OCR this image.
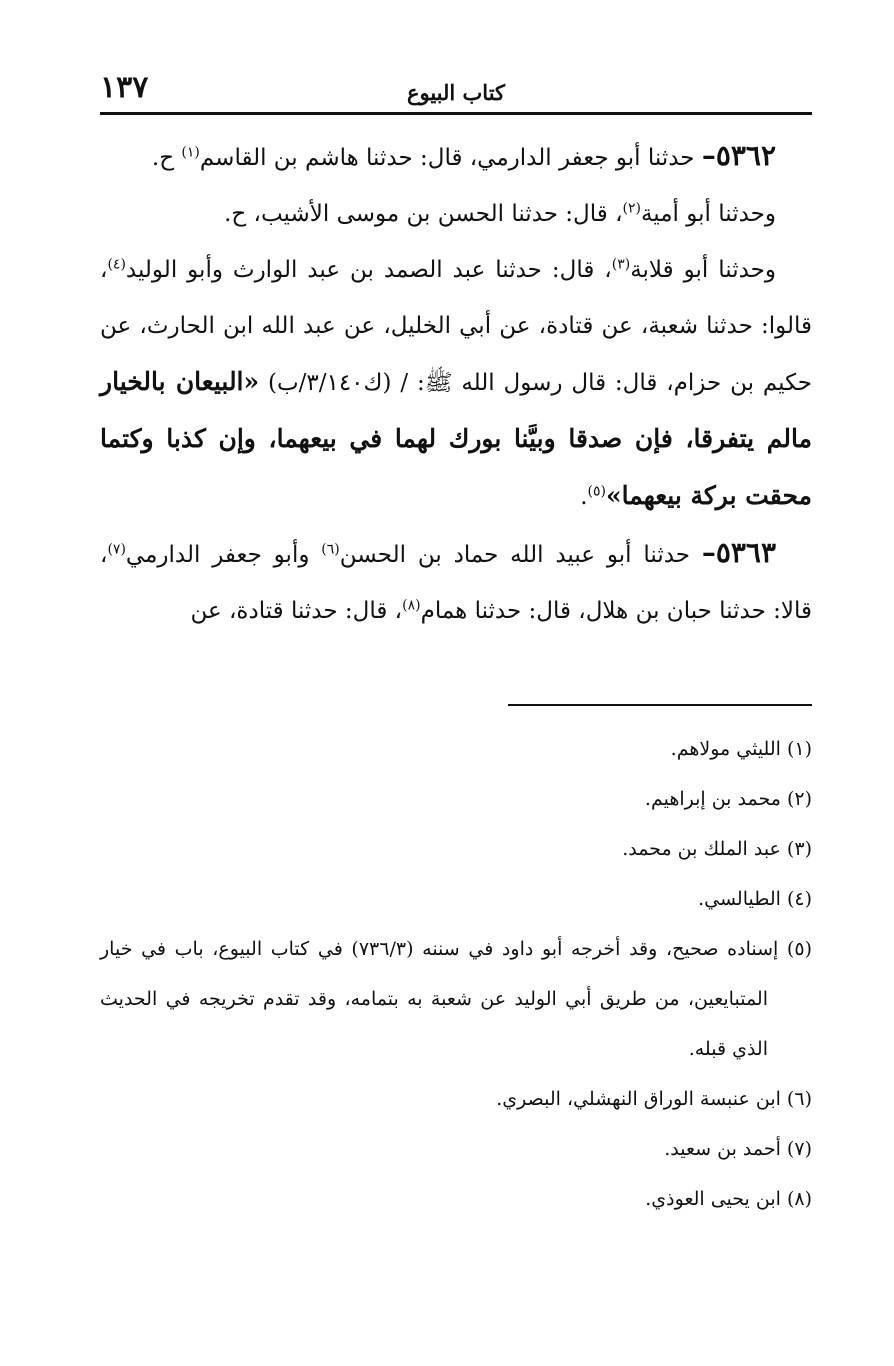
١٣٧	كتاب البيوع

٥٣٦٢– حدثنا أبو جعفر الدارمي، قال: حدثنا هاشم بن القاسم$^{(١)}$ ح.

وحدثنا أبو أمية$^{(٢)}$، قال: حدثنا الحسن بن موسى الأشيب، ح.

وحدثنا أبو قلابة$^{(٣)}$، قال: حدثنا عبد الصمد بن عبد الوارث وأبو الوليد$^{(٤)}$، قالوا: حدثنا شعبة، عن قتادة، عن أبي الخليل، عن عبد الله ابن الحارث، عن حكيم بن حزام، قال: قال رسول الله ﷺ: / (ك٣/١٤٠/ب) «البيعان بالخيار مالم يتفرقا، فإن صدقا وبيَّنا بورك لهما في بيعهما، وإن كذبا وكتما محقت بركة بيعهما»$^{(٥)}$.

٥٣٦٣– حدثنا أبو عبيد الله حماد بن الحسن$^{(٦)}$ وأبو جعفر الدارمي$^{(٧)}$، قالا: حدثنا حبان بن هلال، قال: حدثنا همام$^{(٨)}$، قال: حدثنا قتادة، عن

(١) الليثي مولاهم.
(٢) محمد بن إبراهيم.
(٣) عبد الملك بن محمد.
(٤) الطيالسي.
(٥) إسناده صحيح، وقد أخرجه أبو داود في سننه (٧٣٦/٣) في كتاب البيوع، باب في خيار المتبايعين، من طريق أبي الوليد عن شعبة به بتمامه، وقد تقدم تخريجه في الحديث الذي قبله.
(٦) ابن عنبسة الوراق النهشلي، البصري.
(٧) أحمد بن سعيد.
(٨) ابن يحيى العوذي.
